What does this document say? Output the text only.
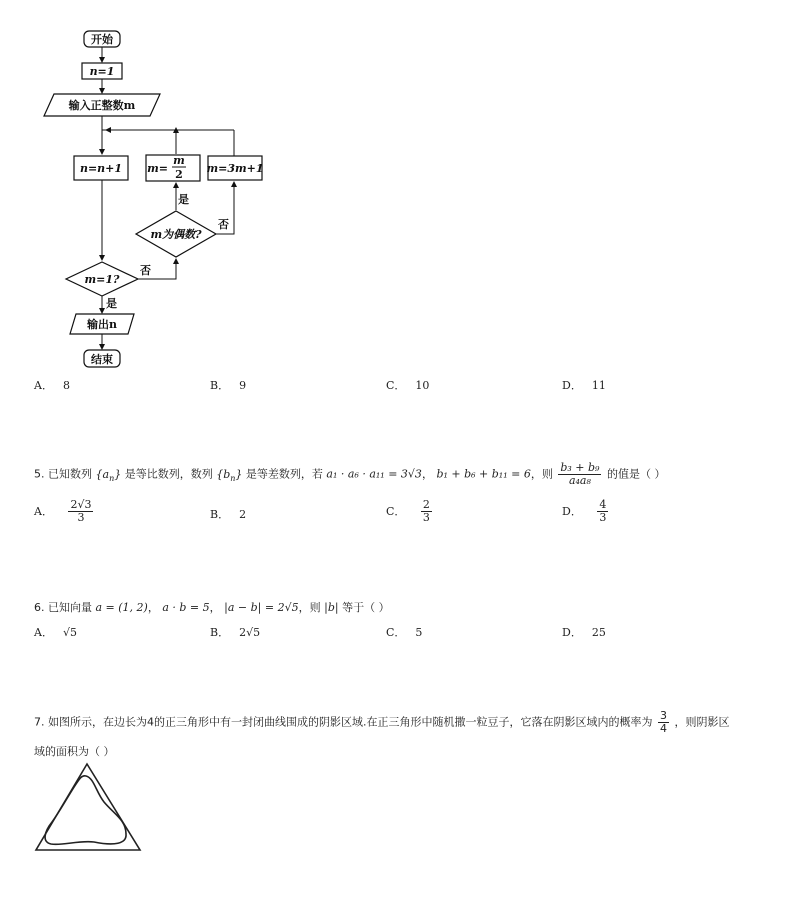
开始
n=1
输入正整数m
n=n+1 m=
m
2 m=3m+1
m为偶数?
是
否
m=1?
否
是
输出n
结束
A． 8	B． 9	C． 10	D． 11
5. 已知数列 $\{a_n\}$ 是等比数列，数列 $\{b_n\}$ 是等差数列，若 a₁ · a₆ · a₁₁ = 3√3， b₁ + b₆ + b₁₁ = 6，则 $\frac{\text{b₃ + b₉}}{\text{a₄a₈}}$ 的值是（ ）
A． $\frac{2√3}{3}$	B． 2	C． $\frac{2}{3}$	D． $\frac{4}{3}$
6. 已知向量 a = (1, 2)， a · b = 5， |a − b| = 2√5，则 |b| 等于（ ）
A． √5	B． 2√5	C． 5	D． 25
7. 如图所示，在边长为4的正三角形中有一封闭曲线围成的阴影区域.在正三角形中随机撒一粒豆子，它落在阴影区域内的概率为 $\frac{3}{4}$ ，则阴影区
域的面积为（ ）
